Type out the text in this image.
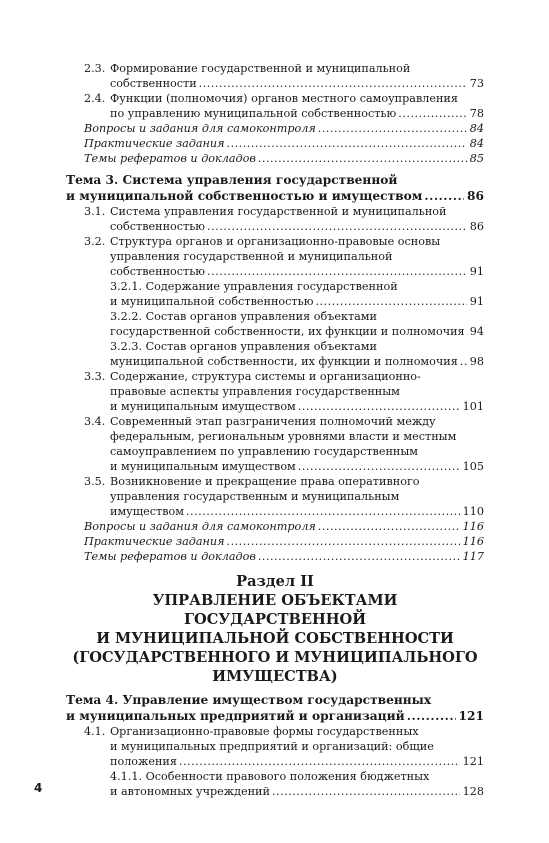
2.3. Формирование государственной и муниципальной
собственности .....	73
2.4. Функции (полномочия) органов местного самоуправления
по управлению муниципальной собственностью .....	78
Вопросы и задания для самоконтроля .....	84
Практические задания .....	84
Темы рефератов и докладов .....	85
Тема 3. Система управления государственной
и муниципальной собственностью и имуществом .....	86
3.1. Система управления государственной и муниципальной
собственностью .....	86
3.2. Структура органов и организационно-правовые основы
управления государственной и муниципальной
собственностью .....	91
3.2.1. Содержание управления государственной
и муниципальной собственностью .....	91
3.2.2. Состав органов управления объектами
государственной собственности, их функции и полномочия ..... 94
3.2.3. Состав органов управления объектами
муниципальной собственности, их функции и полномочия ..... 98
3.3. Содержание, структура системы и организационно-
правовые аспекты управления государственным
и муниципальным имуществом .....	101
3.4. Современный этап разграничения полномочий между
федеральным, региональным уровнями власти и местным
самоуправлением по управлению государственным
и муниципальным имуществом .....	105
3.5. Возникновение и прекращение права оперативного
управления государственным и муниципальным
имуществом .....	110
Вопросы и задания для самоконтроля .....	116
Практические задания .....	116
Темы рефератов и докладов .....	117
Раздел II
УПРАВЛЕНИЕ ОБЪЕКТАМИ ГОСУДАРСТВЕННОЙ
И МУНИЦИПАЛЬНОЙ СОБСТВЕННОСТИ
(ГОСУДАРСТВЕННОГО И МУНИЦИПАЛЬНОГО
ИМУЩЕСТВА)
Тема 4. Управление имуществом государственных
и муниципальных предприятий и организаций .....	121
4.1. Организационно-правовые формы государственных
и муниципальных предприятий и организаций: общие
положения .....	121
4.1.1. Особенности правового положения бюджетных
и автономных учреждений .....	128
4
